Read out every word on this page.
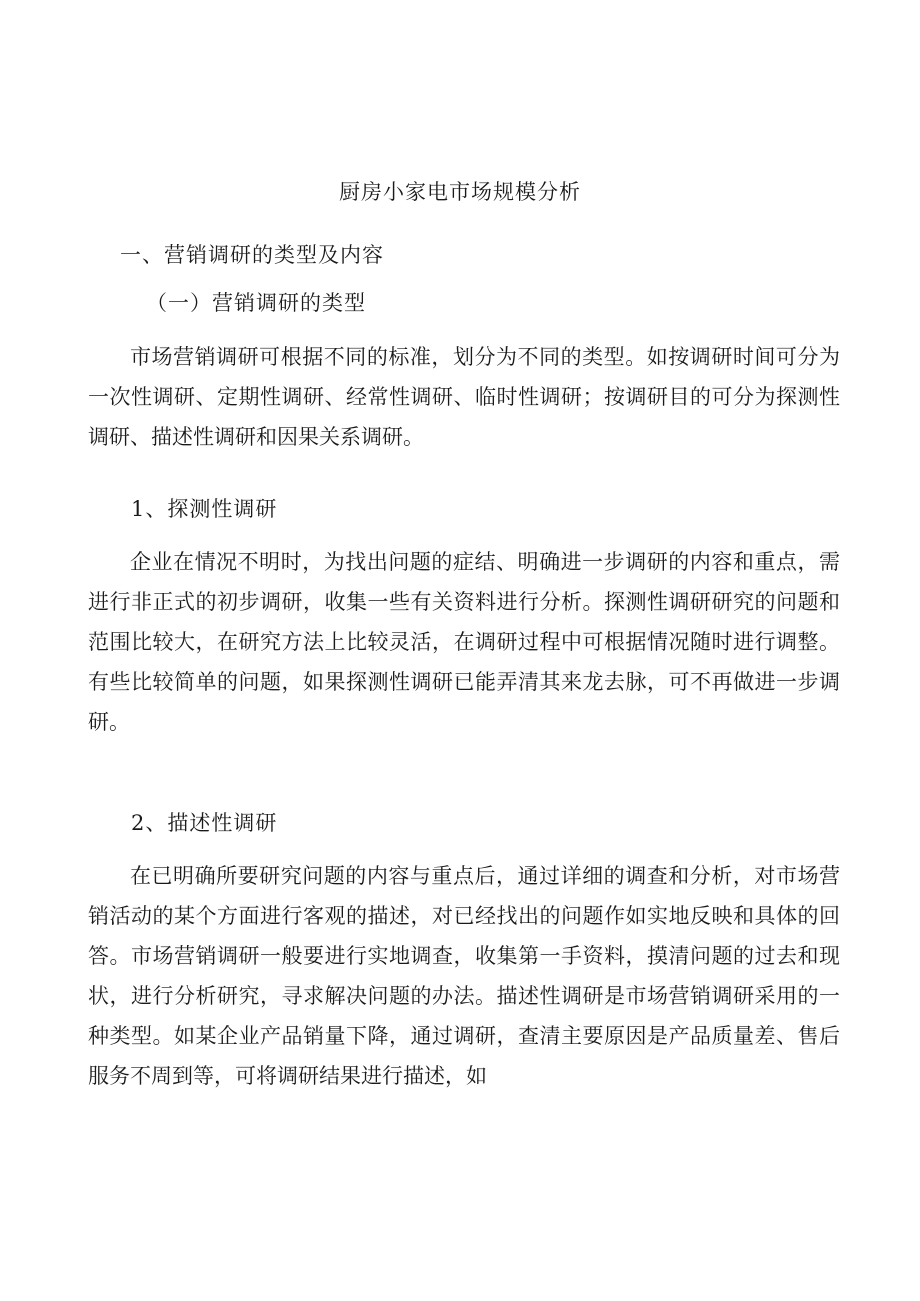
厨房小家电市场规模分析
一、营销调研的类型及内容
（一）营销调研的类型
市场营销调研可根据不同的标准，划分为不同的类型。如按调研时间可分为一次性调研、定期性调研、经常性调研、临时性调研；按调研目的可分为探测性调研、描述性调研和因果关系调研。
1、探测性调研
企业在情况不明时，为找出问题的症结、明确进一步调研的内容和重点，需进行非正式的初步调研，收集一些有关资料进行分析。探测性调研研究的问题和范围比较大，在研究方法上比较灵活，在调研过程中可根据情况随时进行调整。有些比较简单的问题，如果探测性调研已能弄清其来龙去脉，可不再做进一步调研。
2、描述性调研
在已明确所要研究问题的内容与重点后，通过详细的调查和分析，对市场营销活动的某个方面进行客观的描述，对已经找出的问题作如实地反映和具体的回答。市场营销调研一般要进行实地调查，收集第一手资料，摸清问题的过去和现状，进行分析研究，寻求解决问题的办法。描述性调研是市场营销调研采用的一种类型。如某企业产品销量下降，通过调研，查清主要原因是产品质量差、售后服务不周到等，可将调研结果进行描述，如
